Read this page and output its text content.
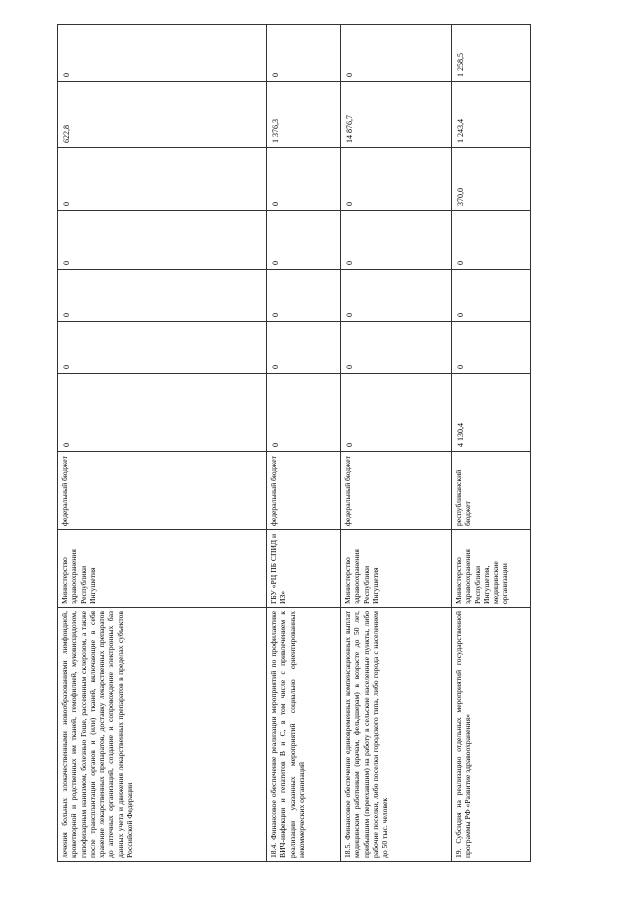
лечения больных злокачественными новообразованиями лимфоидной, кроветворной и родственных им тканей, гемофилией, муковисцидозом, гипофизарным нанизмом, болезнью Гоше, рассеянным склерозом, а также после трансплантации органов и (или) тканей, включающие в себя хранение лекарственных препаратов, доставку лекарственных препаратов до аптечных организаций, создание и сопровождение электронных баз данных учета и движения лекарственных препаратов в пределах субъектов Российской Федерации	Министерство здравоохранения Республики Ингушетия	федеральный бюджет	0	0	0	0	0	622,8	0	
18.4. Финансовое обеспечение реализации мероприятий по профилактике ВИЧ-инфекции и гепатитов В и С, в том числе с привлечением к реализации указанных мероприятий социально ориентированных некоммерческих организаций	ГБУ «РЦ ПБ СПИД и ИЗ»	федеральный бюджет	0	0	0	0	0	1 376,3	0	
18.5. Финансовое обеспечение единовременных компенсационных выплат медицинским работникам (врачам, фельдшерам) в возрасте до 50 лет, прибывшим (переехавшим) на работу в сельские населенные пункты, либо рабочие поселки, либо поселки городского типа, либо города с населением до 50 тыс. человек	Министерство здравоохранения Республики Ингушетия	федеральный бюджет	0	0	0	0	0	14 876,7	0	
19. Субсидия на реализацию отдельных мероприятий государственной программы РФ «Развитие здравоохранения»	Министерство здравоохранения Республики Ингушетия, медицинские организации	республиканский бюджет	4 130,4	0	0	0	370,0	1 243,4	1 258,5	
